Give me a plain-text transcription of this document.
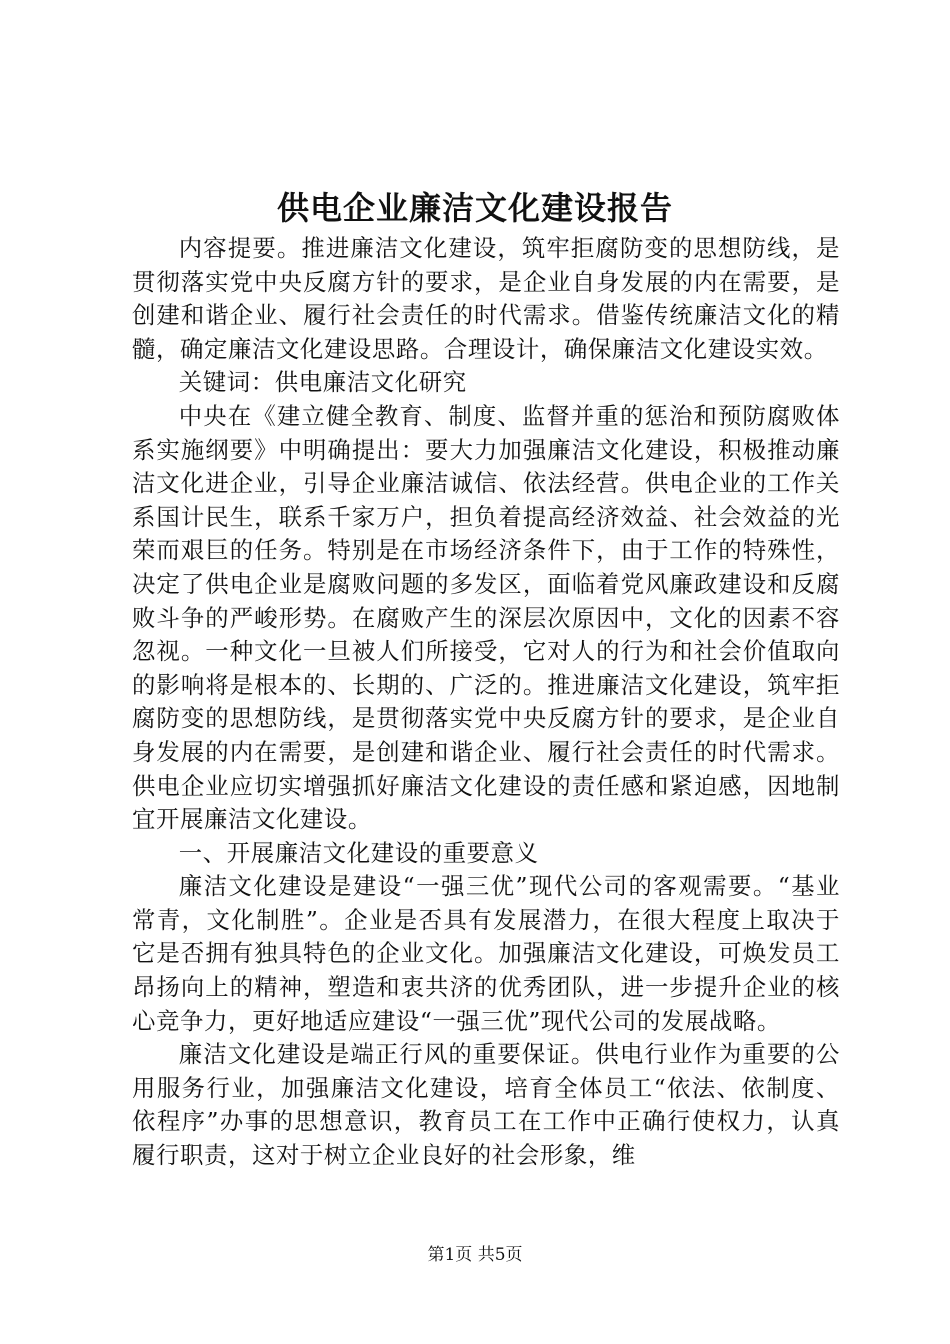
供电企业廉洁文化建设报告

内容提要。推进廉洁文化建设，筑牢拒腐防变的思想防线，是贯彻落实党中央反腐方针的要求，是企业自身发展的内在需要，是创建和谐企业、履行社会责任的时代需求。借鉴传统廉洁文化的精髓，确定廉洁文化建设思路。合理设计，确保廉洁文化建设实效。

关键词：供电廉洁文化研究

中央在《建立健全教育、制度、监督并重的惩治和预防腐败体系实施纲要》中明确提出：要大力加强廉洁文化建设，积极推动廉洁文化进企业，引导企业廉洁诚信、依法经营。供电企业的工作关系国计民生，联系千家万户，担负着提高经济效益、社会效益的光荣而艰巨的任务。特别是在市场经济条件下，由于工作的特殊性，决定了供电企业是腐败问题的多发区，面临着党风廉政建设和反腐败斗争的严峻形势。在腐败产生的深层次原因中，文化的因素不容忽视。一种文化一旦被人们所接受，它对人的行为和社会价值取向的影响将是根本的、长期的、广泛的。推进廉洁文化建设，筑牢拒腐防变的思想防线，是贯彻落实党中央反腐方针的要求，是企业自身发展的内在需要，是创建和谐企业、履行社会责任的时代需求。供电企业应切实增强抓好廉洁文化建设的责任感和紧迫感，因地制宜开展廉洁文化建设。

一、开展廉洁文化建设的重要意义

廉洁文化建设是建设“一强三优”现代公司的客观需要。“基业常青，文化制胜”。企业是否具有发展潜力，在很大程度上取决于它是否拥有独具特色的企业文化。加强廉洁文化建设，可焕发员工昂扬向上的精神，塑造和衷共济的优秀团队，进一步提升企业的核心竞争力，更好地适应建设“一强三优”现代公司的发展战略。

廉洁文化建设是端正行风的重要保证。供电行业作为重要的公用服务行业，加强廉洁文化建设，培育全体员工“依法、依制度、依程序”办事的思想意识，教育员工在工作中正确行使权力，认真履行职责，这对于树立企业良好的社会形象，维

第1页 共5页
